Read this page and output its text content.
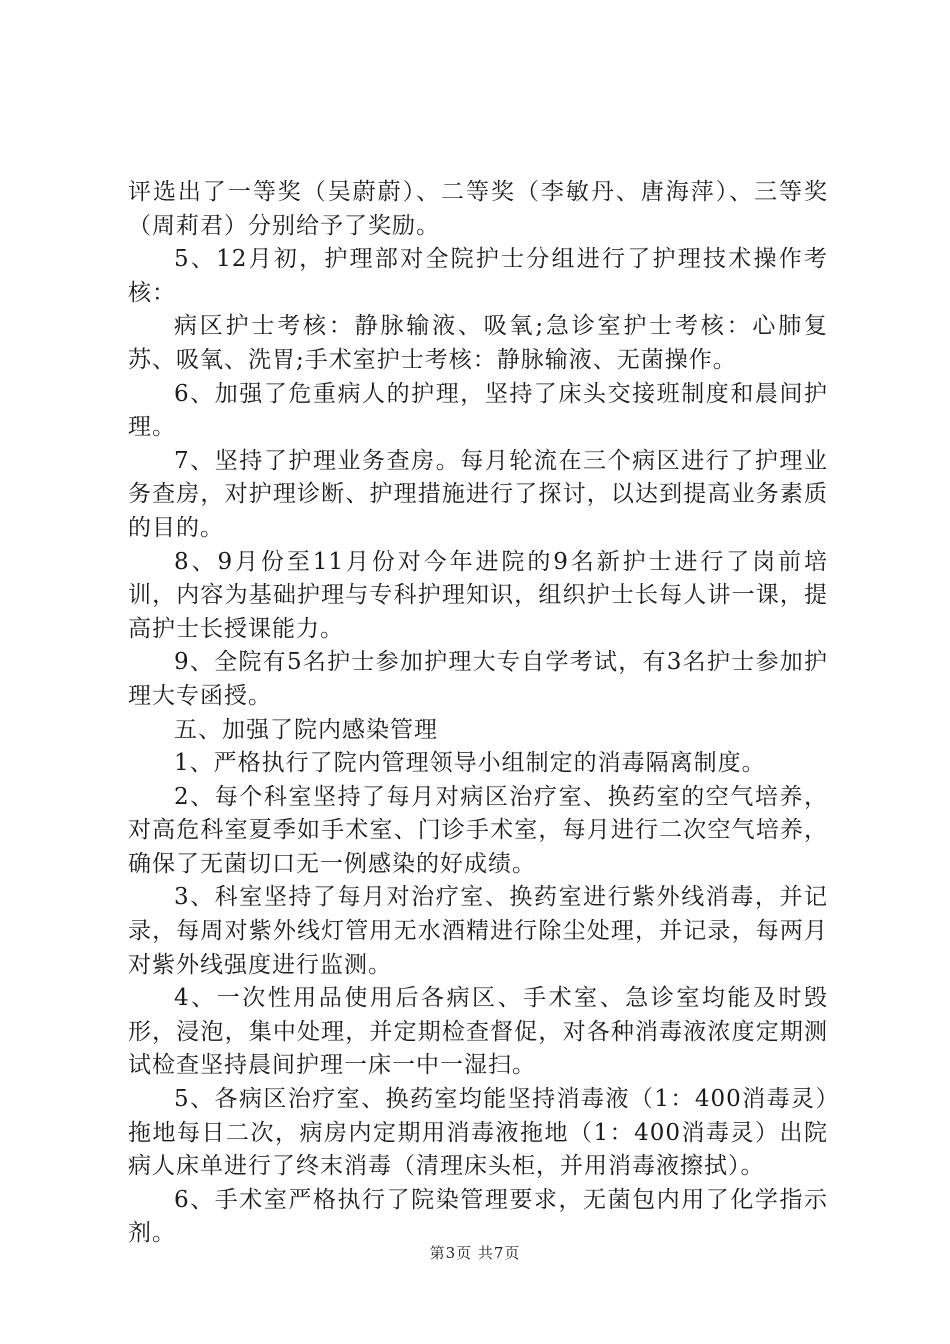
评选出了一等奖（吴蔚蔚）、二等奖（李敏丹、唐海萍）、三等奖（周莉君）分别给予了奖励。

5、12月初，护理部对全院护士分组进行了护理技术操作考核：

病区护士考核：静脉输液、吸氧;急诊室护士考核：心肺复苏、吸氧、洗胃;手术室护士考核：静脉输液、无菌操作。

6、加强了危重病人的护理，坚持了床头交接班制度和晨间护理。

7、坚持了护理业务查房。每月轮流在三个病区进行了护理业务查房，对护理诊断、护理措施进行了探讨，以达到提高业务素质的目的。

8、9月份至11月份对今年进院的9名新护士进行了岗前培训，内容为基础护理与专科护理知识，组织护士长每人讲一课，提高护士长授课能力。

9、全院有5名护士参加护理大专自学考试，有3名护士参加护理大专函授。

五、加强了院内感染管理

1、严格执行了院内管理领导小组制定的消毒隔离制度。

2、每个科室坚持了每月对病区治疗室、换药室的空气培养，对高危科室夏季如手术室、门诊手术室，每月进行二次空气培养，确保了无菌切口无一例感染的好成绩。

3、科室坚持了每月对治疗室、换药室进行紫外线消毒，并记录，每周对紫外线灯管用无水酒精进行除尘处理，并记录，每两月对紫外线强度进行监测。

4、一次性用品使用后各病区、手术室、急诊室均能及时毁形，浸泡，集中处理，并定期检查督促，对各种消毒液浓度定期测试检查坚持晨间护理一床一中一湿扫。

5、各病区治疗室、换药室均能坚持消毒液（1：400消毒灵）拖地每日二次，病房内定期用消毒液拖地（1：400消毒灵）出院病人床单进行了终末消毒（清理床头柜，并用消毒液擦拭）。

6、手术室严格执行了院染管理要求，无菌包内用了化学指示剂。

第3页 共7页
